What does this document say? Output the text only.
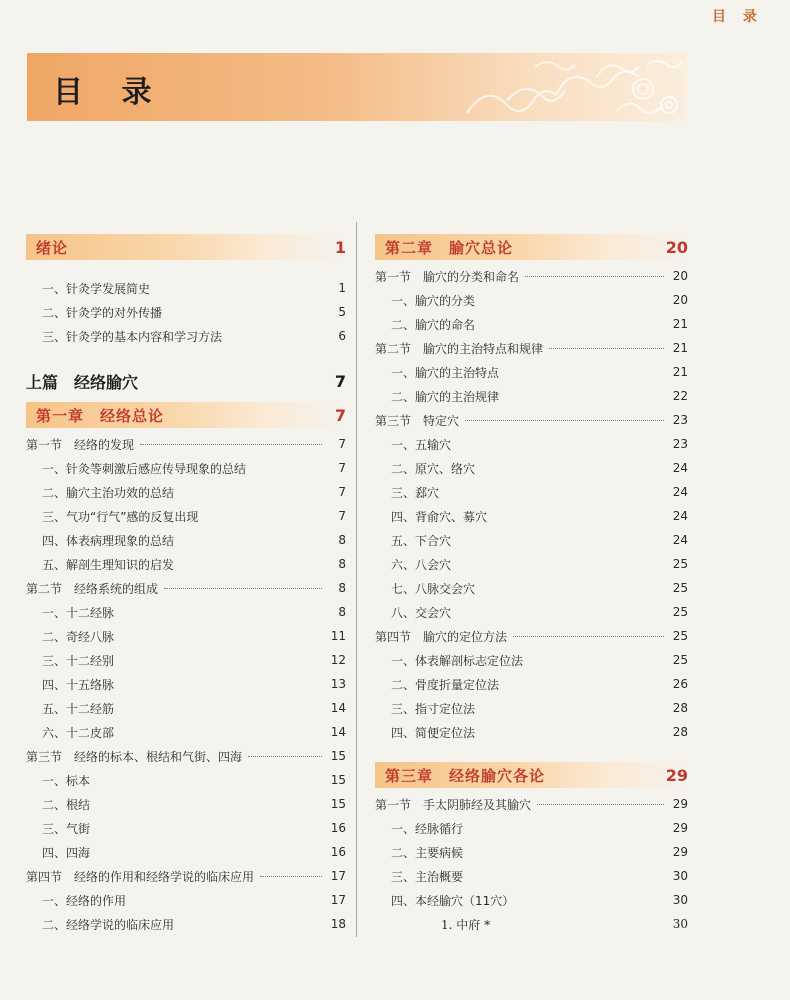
目 录
目 录
绪论	1
一、针灸学发展简史	1
二、针灸学的对外传播	5
三、针灸学的基本内容和学习方法	6
上篇　经络腧穴	7
第一章　经络总论	7
第一节　经络的发现	7
一、针灸等刺激后感应传导现象的总结	7
二、腧穴主治功效的总结	7
三、气功“行气”感的反复出现	7
四、体表病理现象的总结	8
五、解剖生理知识的启发	8
第二节　经络系统的组成	8
一、十二经脉	8
二、奇经八脉	11
三、十二经别	12
四、十五络脉	13
五、十二经筋	14
六、十二皮部	14
第三节　经络的标本、根结和气街、四海	15
一、标本	15
二、根结	15
三、气街	16
四、四海	16
第四节　经络的作用和经络学说的临床应用	17
一、经络的作用	17
二、经络学说的临床应用	18
第二章　腧穴总论	20
第一节　腧穴的分类和命名	20
一、腧穴的分类	20
二、腧穴的命名	21
第二节　腧穴的主治特点和规律	21
一、腧穴的主治特点	21
二、腧穴的主治规律	22
第三节　特定穴	23
一、五输穴	23
二、原穴、络穴	24
三、郄穴	24
四、背俞穴、募穴	24
五、下合穴	24
六、八会穴	25
七、八脉交会穴	25
八、交会穴	25
第四节　腧穴的定位方法	25
一、体表解剖标志定位法	25
二、骨度折量定位法	26
三、指寸定位法	28
四、简便定位法	28
第三章　经络腧穴各论	29
第一节　手太阴肺经及其腧穴	29
一、经脉循行	29
二、主要病候	29
三、主治概要	30
四、本经腧穴（11穴）	30
1. 中府 *	30
